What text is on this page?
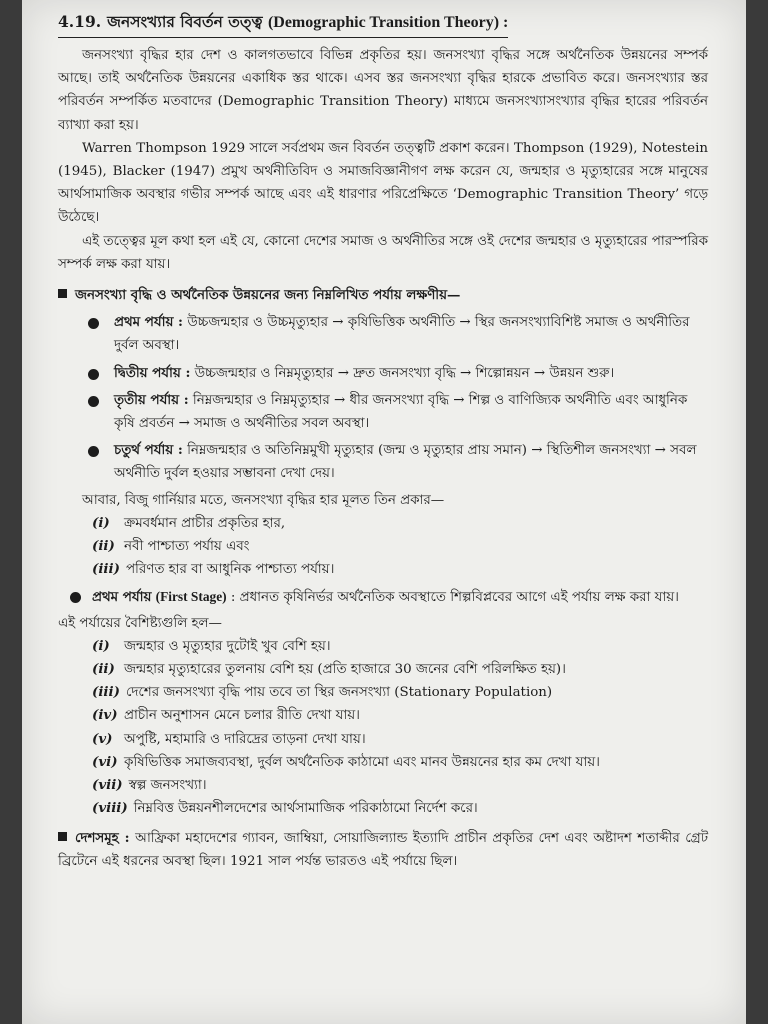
4.19. জনসংখ্যার বিবর্তন তত্ত্ব (Demographic Transition Theory) :

জনসংখ্যা বৃদ্ধির হার দেশ ও কালগতভাবে বিভিন্ন প্রকৃতির হয়। জনসংখ্যা বৃদ্ধির সঙ্গে অর্থনৈতিক উন্নয়নের সম্পর্ক আছে। তাই অর্থনৈতিক উন্নয়নের একাধিক স্তর থাকে। এসব স্তর জনসংখ্যা বৃদ্ধির হারকে প্রভাবিত করে। জনসংখ্যার স্তর পরিবর্তন সম্পর্কিত মতবাদের (Demographic Transition Theory) মাধ্যমে জনসংখ্যাসংখ্যার বৃদ্ধির হারের পরিবর্তন ব্যাখ্যা করা হয়।

Warren Thompson 1929 সালে সর্বপ্রথম জন বিবর্তন তত্ত্বটি প্রকাশ করেন। Thompson (1929), Notestein (1945), Blacker (1947) প্রমুখ অর্থনীতিবিদ ও সমাজবিজ্ঞানীগণ লক্ষ করেন যে, জন্মহার ও মৃত্যুহারের সঙ্গে মানুষের আর্থসামাজিক অবস্থার গভীর সম্পর্ক আছে এবং এই ধারণার পরিপ্রেক্ষিতে ‘Demographic Transition Theory’ গড়ে উঠেছে।

এই তত্ত্বের মূল কথা হল এই যে, কোনো দেশের সমাজ ও অর্থনীতির সঙ্গে ওই দেশের জন্মহার ও মৃত্যুহারের পারস্পরিক সম্পর্ক লক্ষ করা যায়।

জনসংখ্যা বৃদ্ধি ও অর্থনৈতিক উন্নয়নের জন্য নিম্নলিখিত পর্যায় লক্ষণীয়—
প্রথম পর্যায় : উচ্চজন্মহার ও উচ্চমৃত্যুহার → কৃষিভিত্তিক অর্থনীতি → স্থির জনসংখ্যাবিশিষ্ট সমাজ ও অর্থনীতির দুর্বল অবস্থা।
দ্বিতীয় পর্যায় : উচ্চজন্মহার ও নিম্নমৃত্যুহার → দ্রুত জনসংখ্যা বৃদ্ধি → শিল্পোন্নয়ন → উন্নয়ন শুরু।
তৃতীয় পর্যায় : নিম্নজন্মহার ও নিম্নমৃত্যুহার → ধীর জনসংখ্যা বৃদ্ধি → শিল্প ও বাণিজ্যিক অর্থনীতি এবং আধুনিক কৃষি প্রবর্তন → সমাজ ও অর্থনীতির সবল অবস্থা।
চতুর্থ পর্যায় : নিম্নজন্মহার ও অতিনিম্নমুখী মৃত্যুহার (জন্ম ও মৃত্যুহার প্রায় সমান) → স্থিতিশীল জনসংখ্যা → সবল অর্থনীতি দুর্বল হওয়ার সম্ভাবনা দেখা দেয়।
আবার, বিজু গার্নিয়ার মতে, জনসংখ্যা বৃদ্ধির হার মূলত তিন প্রকার—
(i)	ক্রমবর্ধমান প্রাচীর প্রকৃতির হার,
(ii) নবী পাশ্চাত্য পর্যায় এবং
(iii) পরিণত হার বা আধুনিক পাশ্চাত্য পর্যায়।
প্রথম পর্যায় (First Stage) : প্রধানত কৃষিনির্ভর অর্থনৈতিক অবস্থাতে শিল্পবিপ্লবের আগে এই পর্যায় লক্ষ করা যায়।
এই পর্যায়ের বৈশিষ্ট্যগুলি হল—
(i)	জন্মহার ও মৃত্যুহার দুটোই খুব বেশি হয়।
(ii) জন্মহার মৃত্যুহারের তুলনায় বেশি হয় (প্রতি হাজারে 30 জনের বেশি পরিলক্ষিত হয়)।
(iii) দেশের জনসংখ্যা বৃদ্ধি পায় তবে তা স্থির জনসংখ্যা (Stationary Population)
(iv) প্রাচীন অনুশাসন মেনে চলার রীতি দেখা যায়।
(v) অপুষ্টি, মহামারি ও দারিদ্রের তাড়না দেখা যায়।
(vi) কৃষিভিত্তিক সমাজব্যবস্থা, দুর্বল অর্থনৈতিক কাঠামো এবং মানব উন্নয়নের হার কম দেখা যায়।
(vii) স্বল্প জনসংখ্যা।
(viii) নিম্নবিত্ত উন্নয়নশীলদেশের আর্থসামাজিক পরিকাঠামো নির্দেশ করে।

দেশসমূহ : আফ্রিকা মহাদেশের গ্যাবন, জাম্বিয়া, সোয়াজিল্যান্ড ইত্যাদি প্রাচীন প্রকৃতির দেশ এবং অষ্টাদশ শতাব্দীর গ্রেট ব্রিটেনে এই ধরনের অবস্থা ছিল। 1921 সাল পর্যন্ত ভারতও এই পর্যায়ে ছিল।
